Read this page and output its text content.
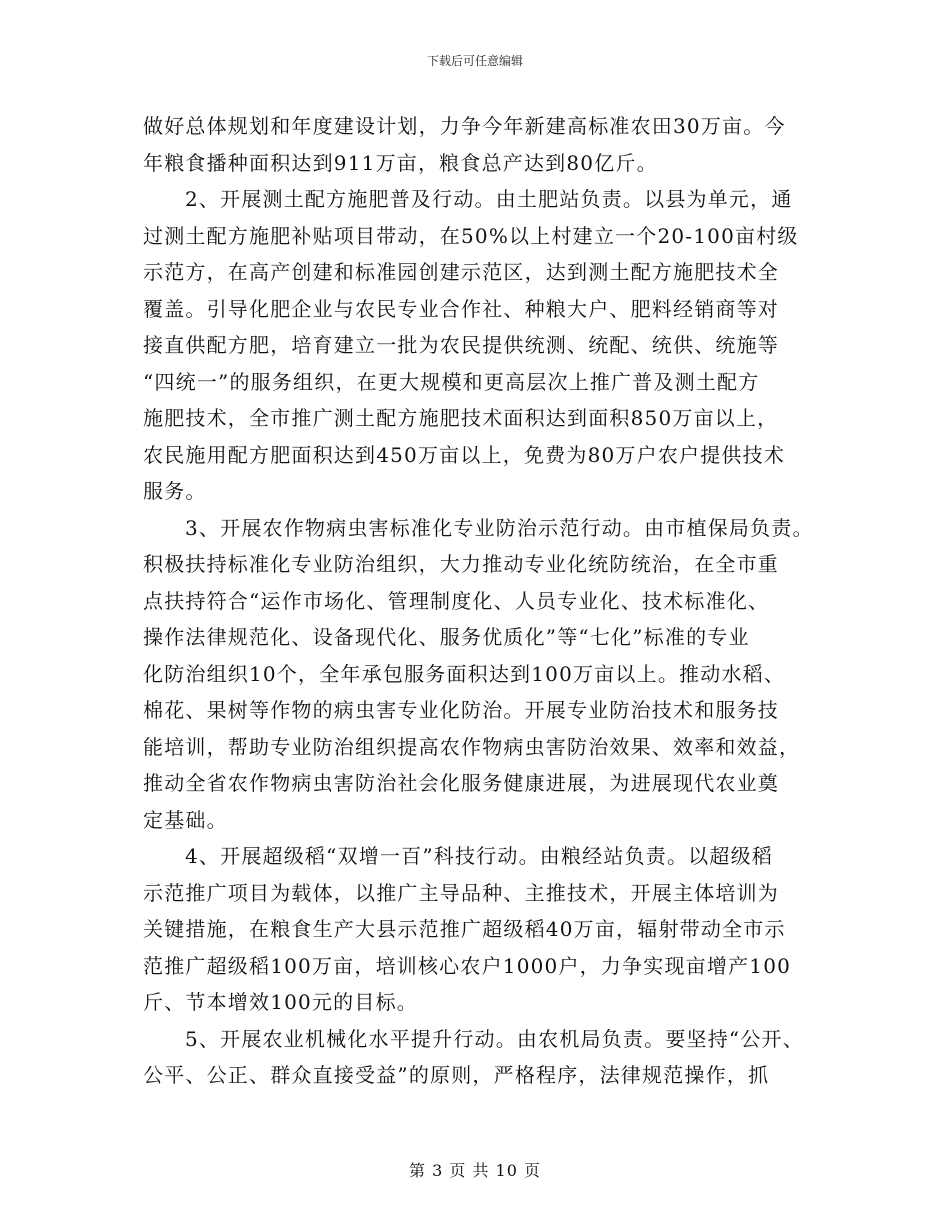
下载后可任意编辑
做好总体规划和年度建设计划，力争今年新建高标准农田30万亩。今
年粮食播种面积达到911万亩，粮食总产达到80亿斤。
2、开展测土配方施肥普及行动。由土肥站负责。以县为单元，通
过测土配方施肥补贴项目带动，在50%以上村建立一个20-100亩村级
示范方，在高产创建和标准园创建示范区，达到测土配方施肥技术全
覆盖。引导化肥企业与农民专业合作社、种粮大户、肥料经销商等对
接直供配方肥，培育建立一批为农民提供统测、统配、统供、统施等
“四统一”的服务组织，在更大规模和更高层次上推广普及测土配方
施肥技术，全市推广测土配方施肥技术面积达到面积850万亩以上，
农民施用配方肥面积达到450万亩以上，免费为80万户农户提供技术
服务。
3、开展农作物病虫害标准化专业防治示范行动。由市植保局负责。
积极扶持标准化专业防治组织，大力推动专业化统防统治，在全市重
点扶持符合“运作市场化、管理制度化、人员专业化、技术标准化、
操作法律规范化、设备现代化、服务优质化”等“七化”标准的专业
化防治组织10个，全年承包服务面积达到100万亩以上。推动水稻、
棉花、果树等作物的病虫害专业化防治。开展专业防治技术和服务技
能培训，帮助专业防治组织提高农作物病虫害防治效果、效率和效益，
推动全省农作物病虫害防治社会化服务健康进展，为进展现代农业奠
定基础。
4、开展超级稻“双增一百”科技行动。由粮经站负责。以超级稻
示范推广项目为载体，以推广主导品种、主推技术，开展主体培训为
关键措施，在粮食生产大县示范推广超级稻40万亩，辐射带动全市示
范推广超级稻100万亩，培训核心农户1000户，力争实现亩增产100
斤、节本增效100元的目标。
5、开展农业机械化水平提升行动。由农机局负责。要坚持“公开、
公平、公正、群众直接受益”的原则，严格程序，法律规范操作，抓
第 3 页 共 10 页
